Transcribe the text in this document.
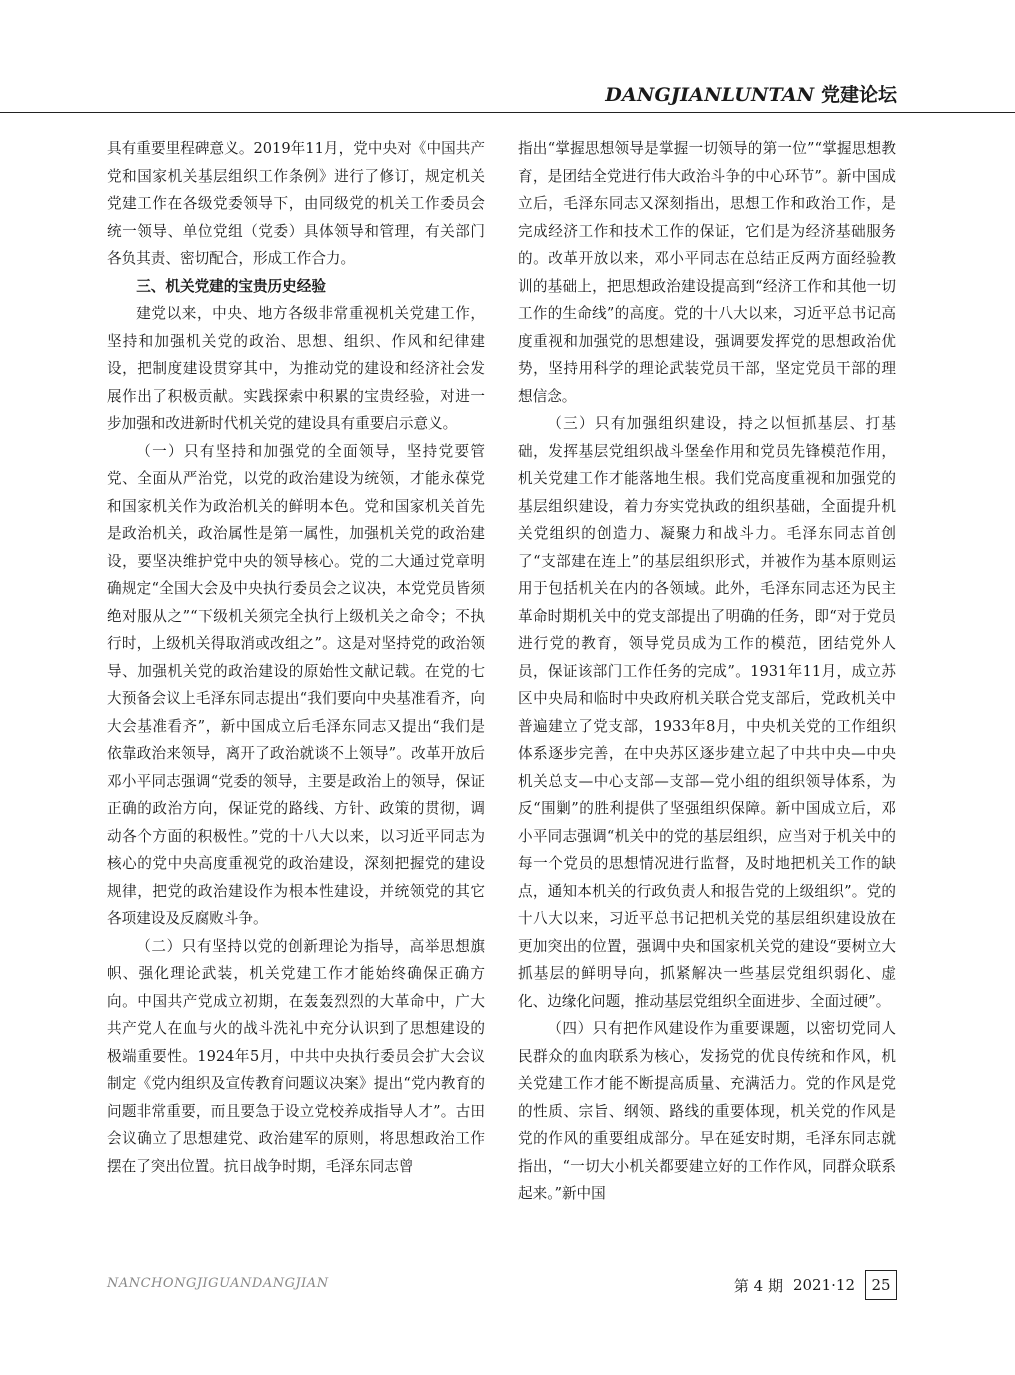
DANGJIANLUNTAN 党建论坛

具有重要里程碑意义。2019年11月，党中央对《中国共产党和国家机关基层组织工作条例》进行了修订，规定机关党建工作在各级党委领导下，由同级党的机关工作委员会统一领导、单位党组（党委）具体领导和管理，有关部门各负其责、密切配合，形成工作合力。

三、机关党建的宝贵历史经验

建党以来，中央、地方各级非常重视机关党建工作，坚持和加强机关党的政治、思想、组织、作风和纪律建设，把制度建设贯穿其中，为推动党的建设和经济社会发展作出了积极贡献。实践探索中积累的宝贵经验，对进一步加强和改进新时代机关党的建设具有重要启示意义。

（一）只有坚持和加强党的全面领导，坚持党要管党、全面从严治党，以党的政治建设为统领，才能永葆党和国家机关作为政治机关的鲜明本色。党和国家机关首先是政治机关，政治属性是第一属性，加强机关党的政治建设，要坚决维护党中央的领导核心。党的二大通过党章明确规定“全国大会及中央执行委员会之议决，本党党员皆须绝对服从之”“下级机关须完全执行上级机关之命令；不执行时，上级机关得取消或改组之”。这是对坚持党的政治领导、加强机关党的政治建设的原始性文献记载。在党的七大预备会议上毛泽东同志提出“我们要向中央基准看齐，向大会基准看齐”，新中国成立后毛泽东同志又提出“我们是依靠政治来领导，离开了政治就谈不上领导”。改革开放后邓小平同志强调“党委的领导，主要是政治上的领导，保证正确的政治方向，保证党的路线、方针、政策的贯彻，调动各个方面的积极性。”党的十八大以来，以习近平同志为核心的党中央高度重视党的政治建设，深刻把握党的建设规律，把党的政治建设作为根本性建设，并统领党的其它各项建设及反腐败斗争。

（二）只有坚持以党的创新理论为指导，高举思想旗帜、强化理论武装，机关党建工作才能始终确保正确方向。中国共产党成立初期，在轰轰烈烈的大革命中，广大共产党人在血与火的战斗洗礼中充分认识到了思想建设的极端重要性。1924年5月，中共中央执行委员会扩大会议制定《党内组织及宣传教育问题议决案》提出“党内教育的问题非常重要，而且要急于设立党校养成指导人才”。古田会议确立了思想建党、政治建军的原则，将思想政治工作摆在了突出位置。抗日战争时期，毛泽东同志曾

指出“掌握思想领导是掌握一切领导的第一位”“掌握思想教育，是团结全党进行伟大政治斗争的中心环节”。新中国成立后，毛泽东同志又深刻指出，思想工作和政治工作，是完成经济工作和技术工作的保证，它们是为经济基础服务的。改革开放以来，邓小平同志在总结正反两方面经验教训的基础上，把思想政治建设提高到“经济工作和其他一切工作的生命线”的高度。党的十八大以来，习近平总书记高度重视和加强党的思想建设，强调要发挥党的思想政治优势，坚持用科学的理论武装党员干部，坚定党员干部的理想信念。

（三）只有加强组织建设，持之以恒抓基层、打基础，发挥基层党组织战斗堡垒作用和党员先锋模范作用，机关党建工作才能落地生根。我们党高度重视和加强党的基层组织建设，着力夯实党执政的组织基础，全面提升机关党组织的创造力、凝聚力和战斗力。毛泽东同志首创了“支部建在连上”的基层组织形式，并被作为基本原则运用于包括机关在内的各领域。此外，毛泽东同志还为民主革命时期机关中的党支部提出了明确的任务，即“对于党员进行党的教育，领导党员成为工作的模范，团结党外人员，保证该部门工作任务的完成”。1931年11月，成立苏区中央局和临时中央政府机关联合党支部后，党政机关中普遍建立了党支部，1933年8月，中央机关党的工作组织体系逐步完善，在中央苏区逐步建立起了中共中央—中央机关总支—中心支部—支部—党小组的组织领导体系，为反“围剿”的胜利提供了坚强组织保障。新中国成立后，邓小平同志强调“机关中的党的基层组织，应当对于机关中的每一个党员的思想情况进行监督，及时地把机关工作的缺点，通知本机关的行政负责人和报告党的上级组织”。党的十八大以来，习近平总书记把机关党的基层组织建设放在更加突出的位置，强调中央和国家机关党的建设“要树立大抓基层的鲜明导向，抓紧解决一些基层党组织弱化、虚化、边缘化问题，推动基层党组织全面进步、全面过硬”。

（四）只有把作风建设作为重要课题，以密切党同人民群众的血肉联系为核心，发扬党的优良传统和作风，机关党建工作才能不断提高质量、充满活力。党的作风是党的性质、宗旨、纲领、路线的重要体现，机关党的作风是党的作风的重要组成部分。早在延安时期，毛泽东同志就指出，“一切大小机关都要建立好的工作作风，同群众联系起来。”新中国

NANCHONGJIGUANDANGJIAN	第 4 期 2021·12	25
